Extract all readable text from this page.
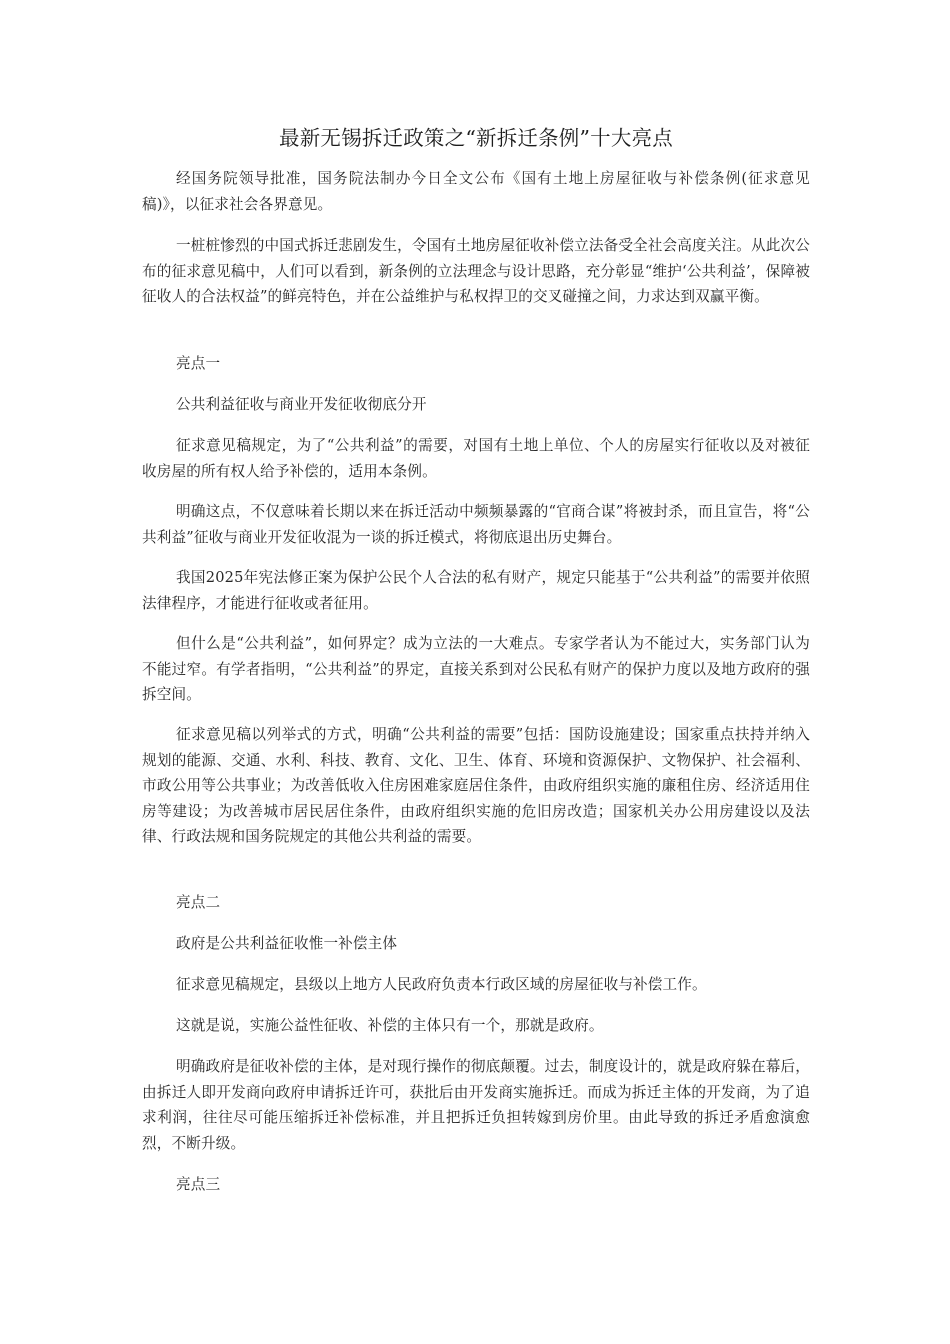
最新无锡拆迁政策之“新拆迁条例”十大亮点

经国务院领导批准，国务院法制办今日全文公布《国有土地上房屋征收与补偿条例(征求意见稿)》，以征求社会各界意见。

一桩桩惨烈的中国式拆迁悲剧发生，令国有土地房屋征收补偿立法备受全社会高度关注。从此次公布的征求意见稿中，人们可以看到，新条例的立法理念与设计思路，充分彰显“维护‘公共利益’，保障被征收人的合法权益”的鲜亮特色，并在公益维护与私权捍卫的交叉碰撞之间，力求达到双赢平衡。

亮点一

公共利益征收与商业开发征收彻底分开

征求意见稿规定，为了“公共利益”的需要，对国有土地上单位、个人的房屋实行征收以及对被征收房屋的所有权人给予补偿的，适用本条例。

明确这点，不仅意味着长期以来在拆迁活动中频频暴露的“官商合谋”将被封杀，而且宣告，将“公共利益”征收与商业开发征收混为一谈的拆迁模式，将彻底退出历史舞台。

我国2025年宪法修正案为保护公民个人合法的私有财产，规定只能基于“公共利益”的需要并依照法律程序，才能进行征收或者征用。

但什么是“公共利益”，如何界定？成为立法的一大难点。专家学者认为不能过大，实务部门认为不能过窄。有学者指明，“公共利益”的界定，直接关系到对公民私有财产的保护力度以及地方政府的强拆空间。

征求意见稿以列举式的方式，明确“公共利益的需要”包括：国防设施建设；国家重点扶持并纳入规划的能源、交通、水利、科技、教育、文化、卫生、体育、环境和资源保护、文物保护、社会福利、市政公用等公共事业；为改善低收入住房困难家庭居住条件，由政府组织实施的廉租住房、经济适用住房等建设；为改善城市居民居住条件，由政府组织实施的危旧房改造；国家机关办公用房建设以及法律、行政法规和国务院规定的其他公共利益的需要。

亮点二

政府是公共利益征收惟一补偿主体

征求意见稿规定，县级以上地方人民政府负责本行政区域的房屋征收与补偿工作。

这就是说，实施公益性征收、补偿的主体只有一个，那就是政府。

明确政府是征收补偿的主体，是对现行操作的彻底颠覆。过去，制度设计的，就是政府躲在幕后，由拆迁人即开发商向政府申请拆迁许可，获批后由开发商实施拆迁。而成为拆迁主体的开发商，为了追求利润，往往尽可能压缩拆迁补偿标准，并且把拆迁负担转嫁到房价里。由此导致的拆迁矛盾愈演愈烈，不断升级。

亮点三
